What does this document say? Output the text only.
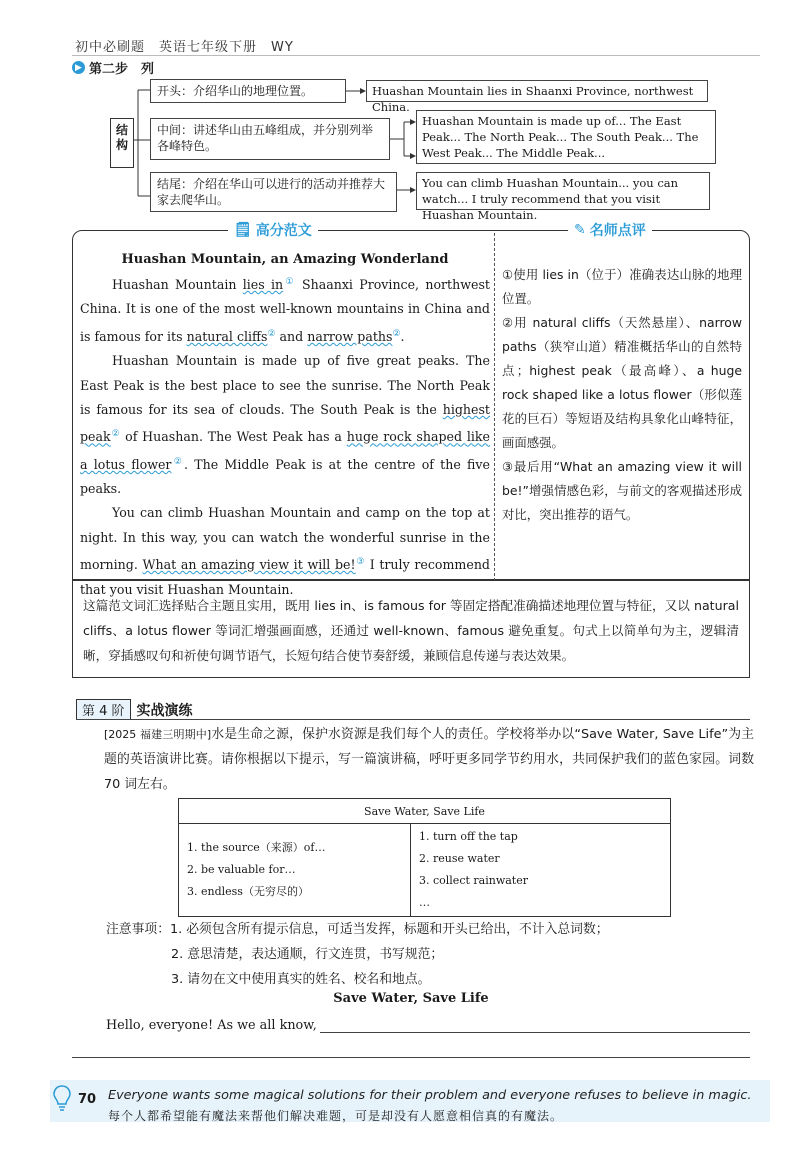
初中必刷题　英语七年级下册　WY
▶ 第二步　列
结构
开头：介绍华山的地理位置。	Huashan Mountain lies in Shaanxi Province, northwest China.
中间：讲述华山由五峰组成，并分别列举各峰特色。
Huashan Mountain is made up of... The East Peak... The North Peak... The South Peak... The West Peak... The Middle Peak...
结尾：介绍在华山可以进行的活动并推荐大家去爬华山。
You can climb Huashan Mountain... you can watch... I truly recommend that you visit Huashan Mountain.
🗒 高分范文	✎ 名师点评
Huashan Mountain, an Amazing Wonderland

Huashan Mountain lies in① Shaanxi Province, northwest China. It is one of the most well-known mountains in China and is famous for its natural cliffs② and narrow paths②.

Huashan Mountain is made up of five great peaks. The East Peak is the best place to see the sunrise. The North Peak is famous for its sea of clouds. The South Peak is the highest peak② of Huashan. The West Peak has a huge rock shaped like a lotus flower②. The Middle Peak is at the centre of the five peaks.

You can climb Huashan Mountain and camp on the top at night. In this way, you can watch the wonderful sunrise in the morning. What an amazing view it will be!③ I truly recommend that you visit Huashan Mountain.

①使用 lies in（位于）准确表达山脉的地理位置。

②用 natural cliffs（天然悬崖）、narrow paths（狭窄山道）精准概括华山的自然特点；highest peak（最高峰）、a huge rock shaped like a lotus flower（形似莲花的巨石）等短语及结构具象化山峰特征，画面感强。

③最后用“What an amazing view it will be!”增强情感色彩，与前文的客观描述形成对比，突出推荐的语气。

这篇范文词汇选择贴合主题且实用，既用 lies in、is famous for 等固定搭配准确描述地理位置与特征，又以 natural cliffs、a lotus flower 等词汇增强画面感，还通过 well-known、famous 避免重复。句式上以简单句为主，逻辑清晰，穿插感叹句和祈使句调节语气，长短句结合使节奏舒缓，兼顾信息传递与表达效果。
第 4 阶 实战演练
[2025 福建三明期中]水是生命之源，保护水资源是我们每个人的责任。学校将举办以“Save Water, Save Life”为主题的英语演讲比赛。请你根据以下提示，写一篇演讲稿，呼吁更多同学节约用水，共同保护我们的蓝色家园。词数 70 词左右。
Save Water, Save Life

1. the source（来源）of…
2. be valuable for…
3. endless（无穷尽的）

1. turn off the tap
2. reuse water
3. collect rainwater
…
注意事项：1. 必须包含所有提示信息，可适当发挥，标题和开头已给出，不计入总词数；
2. 意思清楚，表达通顺，行文连贯，书写规范；
3. 请勿在文中使用真实的姓名、校名和地点。
Save Water, Save Life
Hello, everyone! As we all know,
70 Everyone wants some magical solutions for their problem and everyone refuses to believe in magic.
每个人都希望能有魔法来帮他们解决难题，可是却没有人愿意相信真的有魔法。
